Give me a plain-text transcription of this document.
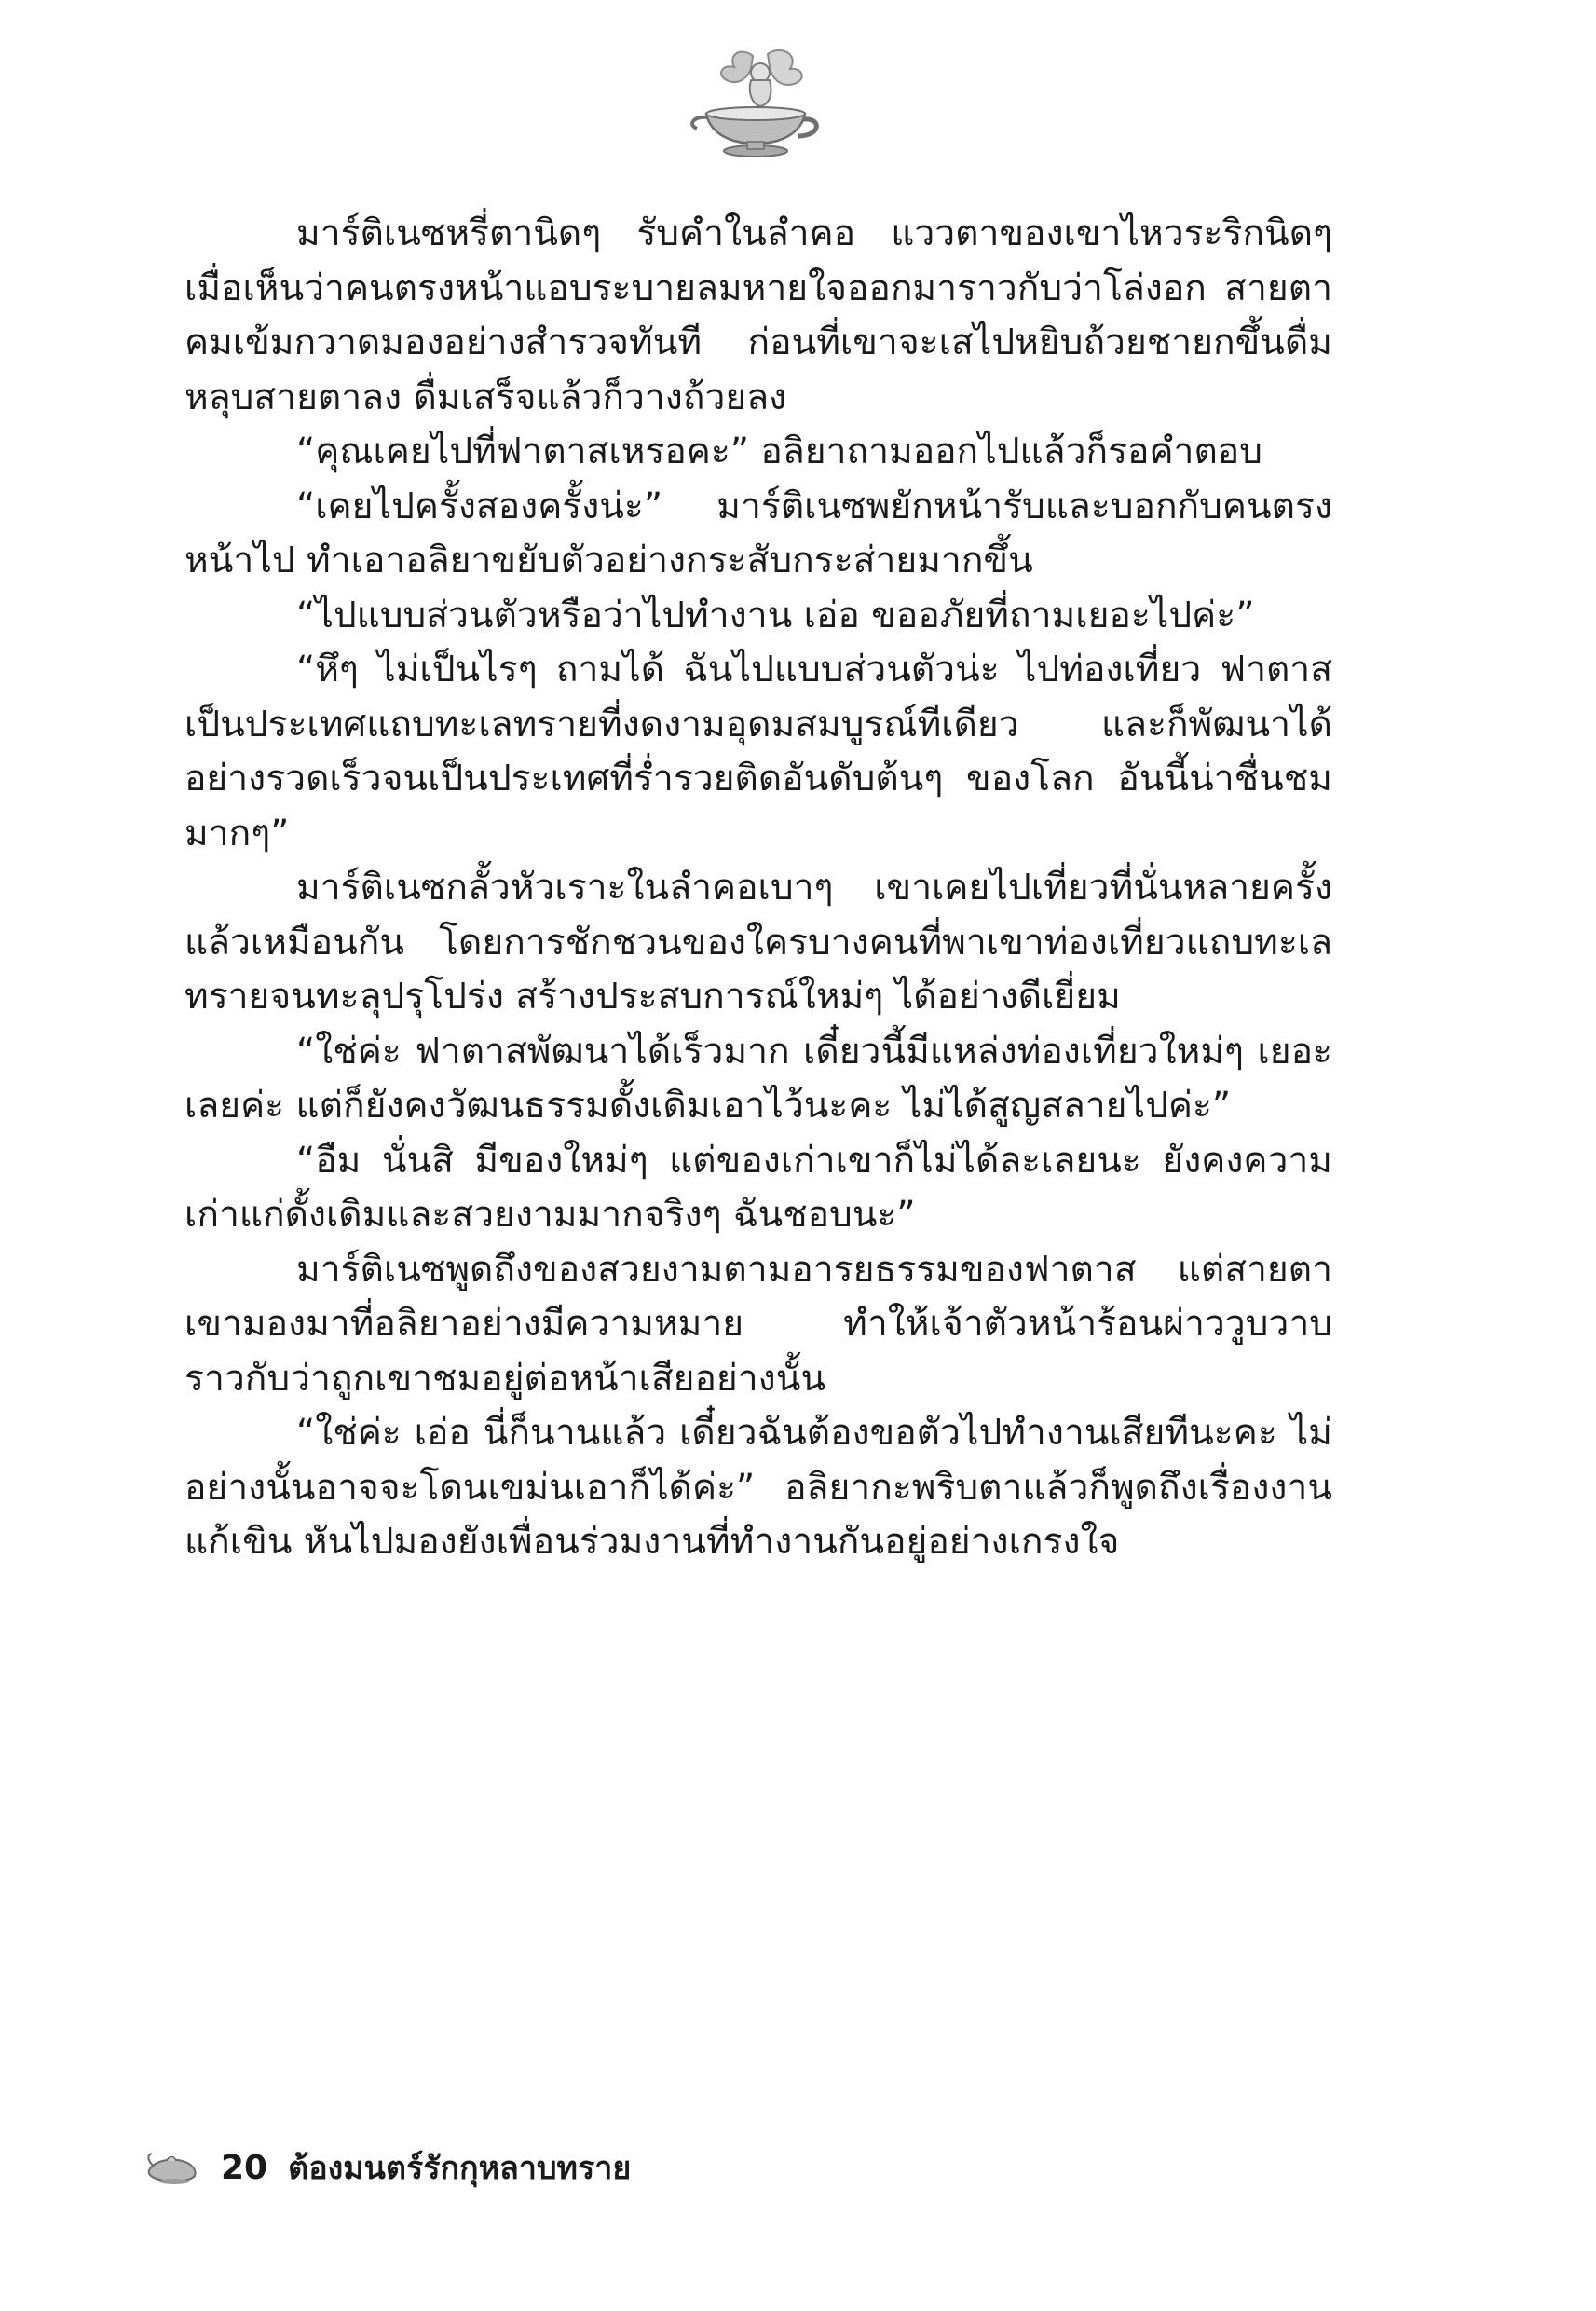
มาร์ติเนซหรี่ตานิดๆ รับคำในลำคอ แววตาของเขาไหวระริกนิดๆ เมื่อเห็นว่าคนตรงหน้าแอบระบายลมหายใจออกมาราวกับว่าโล่งอก สายตาคมเข้มกวาดมองอย่างสำรวจทันที ก่อนที่เขาจะเสไปหยิบถ้วยชายกขึ้นดื่ม หลุบสายตาลง ดื่มเสร็จแล้วก็วางถ้วยลง

“คุณเคยไปที่ฟาตาสเหรอคะ” อลิยาถามออกไปแล้วก็รอคำตอบ

“เคยไปครั้งสองครั้งน่ะ” มาร์ติเนซพยักหน้ารับและบอกกับคนตรงหน้าไป ทำเอาอลิยาขยับตัวอย่างกระสับกระส่ายมากขึ้น

“ไปแบบส่วนตัวหรือว่าไปทำงาน เอ่อ ขออภัยที่ถามเยอะไปค่ะ”

“หึๆ ไม่เป็นไรๆ ถามได้ ฉันไปแบบส่วนตัวน่ะ ไปท่องเที่ยว ฟาตาสเป็นประเทศแถบทะเลทรายที่งดงามอุดมสมบูรณ์ทีเดียว และก็พัฒนาได้อย่างรวดเร็วจนเป็นประเทศที่ร่ำรวยติดอันดับต้นๆ ของโลก อันนี้น่าชื่นชมมากๆ”

มาร์ติเนซกลั้วหัวเราะในลำคอเบาๆ เขาเคยไปเที่ยวที่นั่นหลายครั้งแล้วเหมือนกัน โดยการชักชวนของใครบางคนที่พาเขาท่องเที่ยวแถบทะเลทรายจนทะลุปรุโปร่ง สร้างประสบการณ์ใหม่ๆ ได้อย่างดีเยี่ยม

“ใช่ค่ะ ฟาตาสพัฒนาได้เร็วมาก เดี๋ยวนี้มีแหล่งท่องเที่ยวใหม่ๆ เยอะเลยค่ะ แต่ก็ยังคงวัฒนธรรมดั้งเดิมเอาไว้นะคะ ไม่ได้สูญสลายไปค่ะ”

“อืม นั่นสิ มีของใหม่ๆ แต่ของเก่าเขาก็ไม่ได้ละเลยนะ ยังคงความเก่าแก่ดั้งเดิมและสวยงามมากจริงๆ ฉันชอบนะ”

มาร์ติเนซพูดถึงของสวยงามตามอารยธรรมของฟาตาส แต่สายตาเขามองมาที่อลิยาอย่างมีความหมาย ทำให้เจ้าตัวหน้าร้อนผ่าววูบวาบราวกับว่าถูกเขาชมอยู่ต่อหน้าเสียอย่างนั้น

“ใช่ค่ะ เอ่อ นี่ก็นานแล้ว เดี๋ยวฉันต้องขอตัวไปทำงานเสียทีนะคะ ไม่อย่างนั้นอาจจะโดนเขม่นเอาก็ได้ค่ะ” อลิยากะพริบตาแล้วก็พูดถึงเรื่องงานแก้เขิน หันไปมองยังเพื่อนร่วมงานที่ทำงานกันอยู่อย่างเกรงใจ

20 ต้องมนตร์รักกุหลาบทราย
